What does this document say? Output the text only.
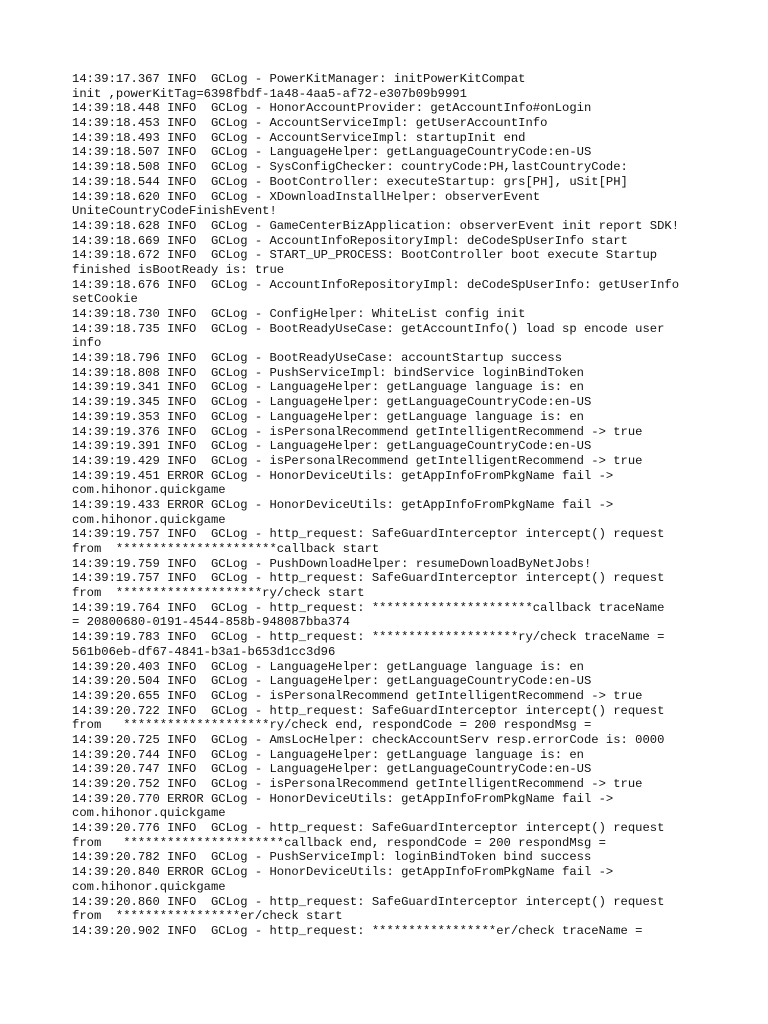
14:39:17.367 INFO  GCLog - PowerKitManager: initPowerKitCompat
init ,powerKitTag=6398fbdf-1a48-4aa5-af72-e307b09b9991
14:39:18.448 INFO  GCLog - HonorAccountProvider: getAccountInfo#onLogin
14:39:18.453 INFO  GCLog - AccountServiceImpl: getUserAccountInfo
14:39:18.493 INFO  GCLog - AccountServiceImpl: startupInit end
14:39:18.507 INFO  GCLog - LanguageHelper: getLanguageCountryCode:en-US
14:39:18.508 INFO  GCLog - SysConfigChecker: countryCode:PH,lastCountryCode:
14:39:18.544 INFO  GCLog - BootController: executeStartup: grs[PH], uSit[PH]
14:39:18.620 INFO  GCLog - XDownloadInstallHelper: observerEvent
UniteCountryCodeFinishEvent!
14:39:18.628 INFO  GCLog - GameCenterBizApplication: observerEvent init report SDK!
14:39:18.669 INFO  GCLog - AccountInfoRepositoryImpl: deCodeSpUserInfo start
14:39:18.672 INFO  GCLog - START_UP_PROCESS: BootController boot execute Startup
finished isBootReady is: true
14:39:18.676 INFO  GCLog - AccountInfoRepositoryImpl: deCodeSpUserInfo: getUserInfo
setCookie
14:39:18.730 INFO  GCLog - ConfigHelper: WhiteList config init
14:39:18.735 INFO  GCLog - BootReadyUseCase: getAccountInfo() load sp encode user
info
14:39:18.796 INFO  GCLog - BootReadyUseCase: accountStartup success
14:39:18.808 INFO  GCLog - PushServiceImpl: bindService loginBindToken
14:39:19.341 INFO  GCLog - LanguageHelper: getLanguage language is: en
14:39:19.345 INFO  GCLog - LanguageHelper: getLanguageCountryCode:en-US
14:39:19.353 INFO  GCLog - LanguageHelper: getLanguage language is: en
14:39:19.376 INFO  GCLog - isPersonalRecommend getIntelligentRecommend -> true
14:39:19.391 INFO  GCLog - LanguageHelper: getLanguageCountryCode:en-US
14:39:19.429 INFO  GCLog - isPersonalRecommend getIntelligentRecommend -> true
14:39:19.451 ERROR GCLog - HonorDeviceUtils: getAppInfoFromPkgName fail ->
com.hihonor.quickgame
14:39:19.433 ERROR GCLog - HonorDeviceUtils: getAppInfoFromPkgName fail ->
com.hihonor.quickgame
14:39:19.757 INFO  GCLog - http_request: SafeGuardInterceptor intercept() request
from  **********************callback start
14:39:19.759 INFO  GCLog - PushDownloadHelper: resumeDownloadByNetJobs!
14:39:19.757 INFO  GCLog - http_request: SafeGuardInterceptor intercept() request
from  ********************ry/check start
14:39:19.764 INFO  GCLog - http_request: **********************callback traceName
= 20800680-0191-4544-858b-948087bba374
14:39:19.783 INFO  GCLog - http_request: ********************ry/check traceName =
561b06eb-df67-4841-b3a1-b653d1cc3d96
14:39:20.403 INFO  GCLog - LanguageHelper: getLanguage language is: en
14:39:20.504 INFO  GCLog - LanguageHelper: getLanguageCountryCode:en-US
14:39:20.655 INFO  GCLog - isPersonalRecommend getIntelligentRecommend -> true
14:39:20.722 INFO  GCLog - http_request: SafeGuardInterceptor intercept() request
from   ********************ry/check end, respondCode = 200 respondMsg =
14:39:20.725 INFO  GCLog - AmsLocHelper: checkAccountServ resp.errorCode is: 0000
14:39:20.744 INFO  GCLog - LanguageHelper: getLanguage language is: en
14:39:20.747 INFO  GCLog - LanguageHelper: getLanguageCountryCode:en-US
14:39:20.752 INFO  GCLog - isPersonalRecommend getIntelligentRecommend -> true
14:39:20.770 ERROR GCLog - HonorDeviceUtils: getAppInfoFromPkgName fail ->
com.hihonor.quickgame
14:39:20.776 INFO  GCLog - http_request: SafeGuardInterceptor intercept() request
from   **********************callback end, respondCode = 200 respondMsg =
14:39:20.782 INFO  GCLog - PushServiceImpl: loginBindToken bind success
14:39:20.840 ERROR GCLog - HonorDeviceUtils: getAppInfoFromPkgName fail ->
com.hihonor.quickgame
14:39:20.860 INFO  GCLog - http_request: SafeGuardInterceptor intercept() request
from  *****************er/check start
14:39:20.902 INFO  GCLog - http_request: *****************er/check traceName =
